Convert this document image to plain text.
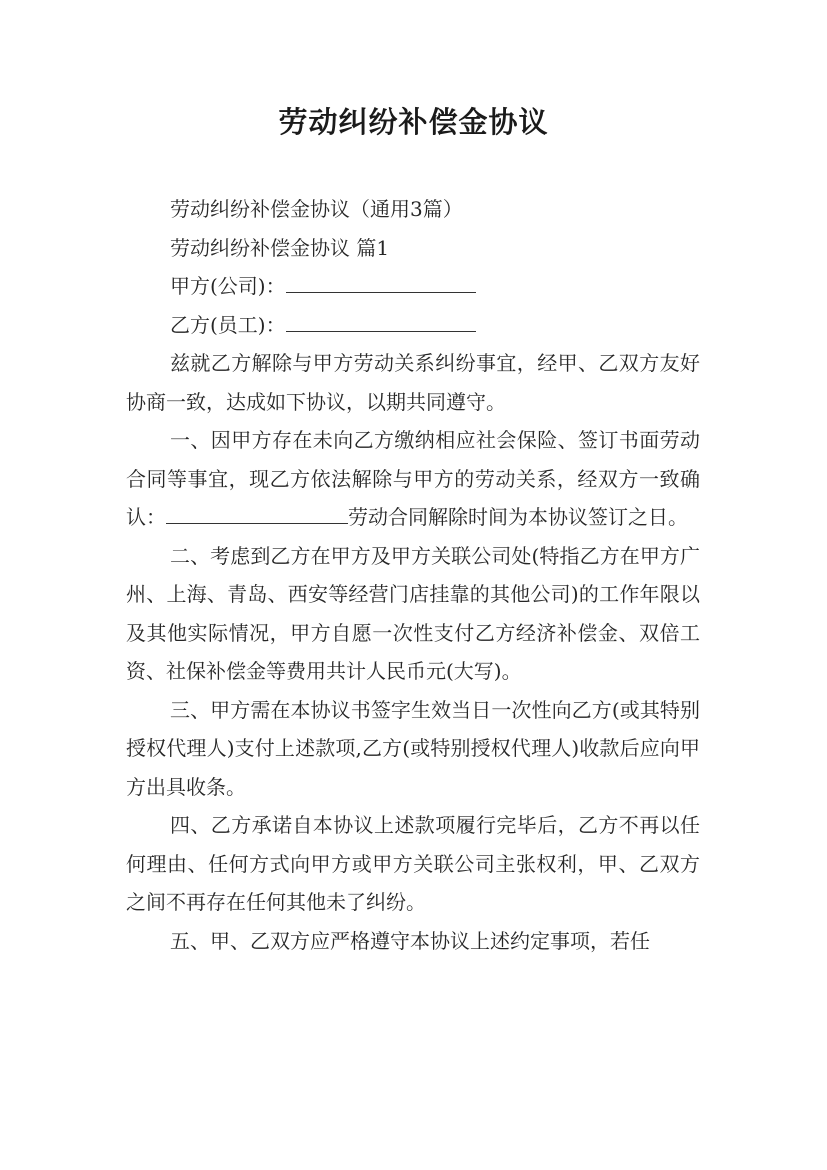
劳动纠纷补偿金协议

劳动纠纷补偿金协议（通用3篇）

劳动纠纷补偿金协议 篇1

甲方(公司)：

乙方(员工)：

兹就乙方解除与甲方劳动关系纠纷事宜，经甲、乙双方友好协商一致，达成如下协议，以期共同遵守。

一、因甲方存在未向乙方缴纳相应社会保险、签订书面劳动合同等事宜，现乙方依法解除与甲方的劳动关系，经双方一致确认：	劳动合同解除时间为本协议签订之日。

二、考虑到乙方在甲方及甲方关联公司处(特指乙方在甲方广州、上海、青岛、西安等经营门店挂靠的其他公司)的工作年限以及其他实际情况，甲方自愿一次性支付乙方经济补偿金、双倍工资、社保补偿金等费用共计人民币元(大写)。

三、甲方需在本协议书签字生效当日一次性向乙方(或其特别授权代理人)支付上述款项,乙方(或特别授权代理人)收款后应向甲方出具收条。

四、乙方承诺自本协议上述款项履行完毕后，乙方不再以任何理由、任何方式向甲方或甲方关联公司主张权利，甲、乙双方之间不再存在任何其他未了纠纷。

五、甲、乙双方应严格遵守本协议上述约定事项，若任
